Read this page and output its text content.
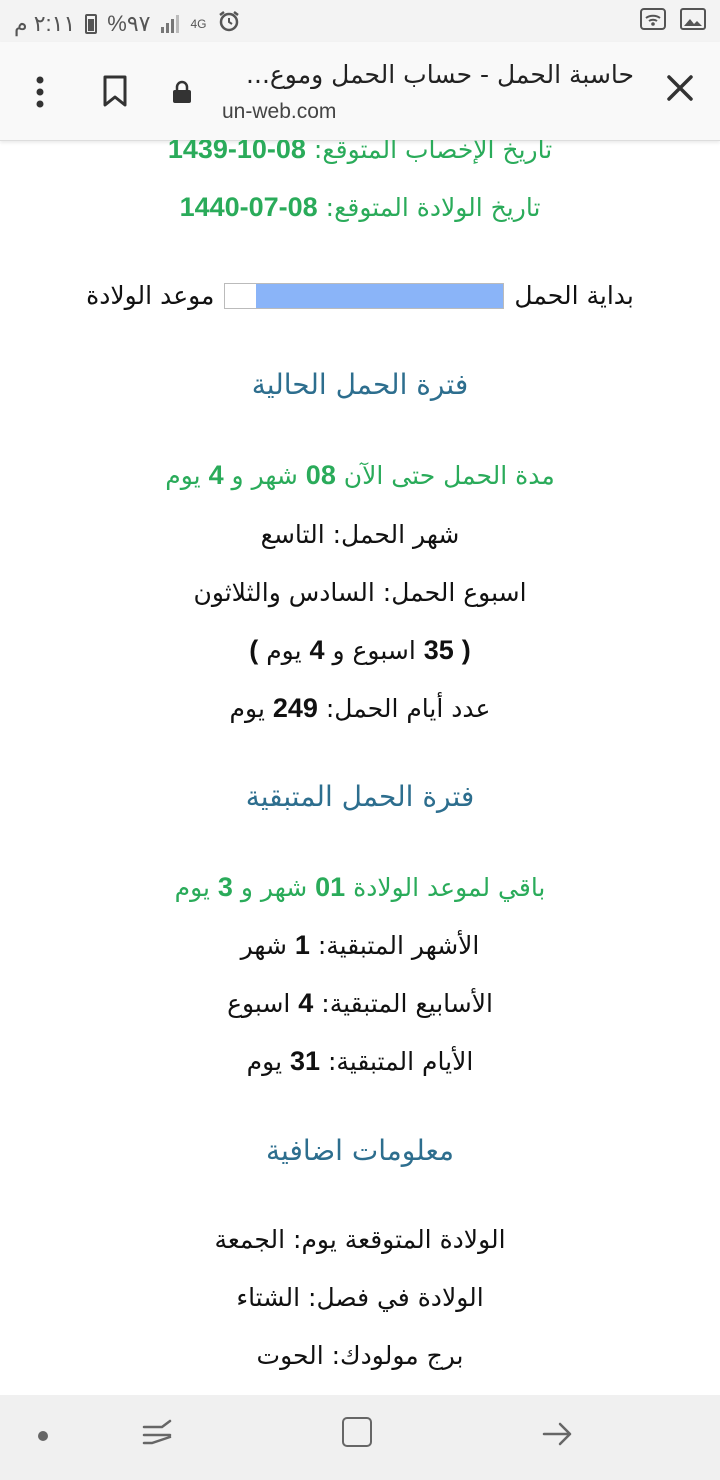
٢:١١ م %٩٧	4G
حاسبة الحمل - حساب الحمل وموع...
un-web.com
تاريخ الإخصاب المتوقع: 1439-10-08
تاريخ الولادة المتوقع: 1440-07-08
بداية الحمل
موعد الولادة
فترة الحمل الحالية
مدة الحمل حتى الآن 08 شهر و 4 يوم
شهر الحمل: التاسع
اسبوع الحمل: السادس والثلاثون
( 35 اسبوع و 4 يوم )
عدد أيام الحمل: 249 يوم
فترة الحمل المتبقية
باقي لموعد الولادة 01 شهر و 3 يوم
الأشهر المتبقية: 1 شهر
الأسابيع المتبقية: 4 اسبوع
الأيام المتبقية: 31 يوم
معلومات اضافية
الولادة المتوقعة يوم: الجمعة
الولادة في فصل: الشتاء
برج مولودك: الحوت
